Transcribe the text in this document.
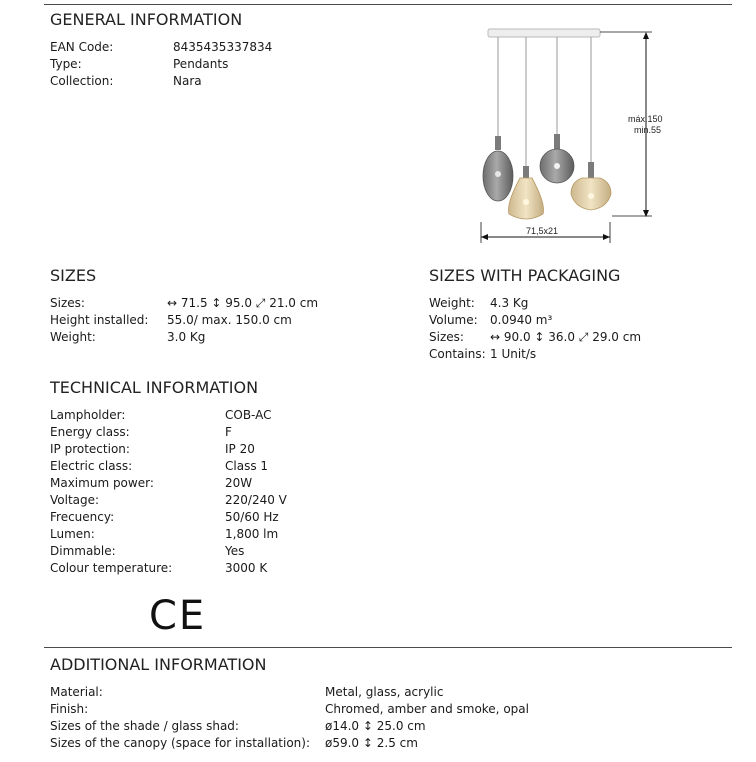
GENERAL INFORMATION
EAN Code:	8435435337834
Type:	Pendants
Collection:	Nara
máx.150
min.55
71,5x21
SIZES
Sizes:	↔ 71.5 ↕ 95.0 ⤢ 21.0 cm
Height installed: 55.0/ max. 150.0 cm
Weight:	3.0 Kg
SIZES WITH PACKAGING
Weight: 4.3 Kg
Volume: 0.0940 m³
Sizes: ↔ 90.0 ↕ 36.0 ⤢ 29.0 cm
Contains: 1 Unit/s
TECHNICAL INFORMATION
Lampholder:	COB-AC
Energy class:	F
IP protection:	IP 20
Electric class:	Class 1
Maximum power:	20W
Voltage:	220/240 V
Frecuency:	50/60 Hz
Lumen:	1,800 lm
Dimmable:	Yes
Colour temperature:	3000 K
CE
ADDITIONAL INFORMATION
Material:	Metal, glass, acrylic
Finish:	Chromed, amber and smoke, opal
Sizes of the shade / glass shad:	ø14.0 ↕ 25.0 cm
Sizes of the canopy (space for installation): ø59.0 ↕ 2.5 cm
